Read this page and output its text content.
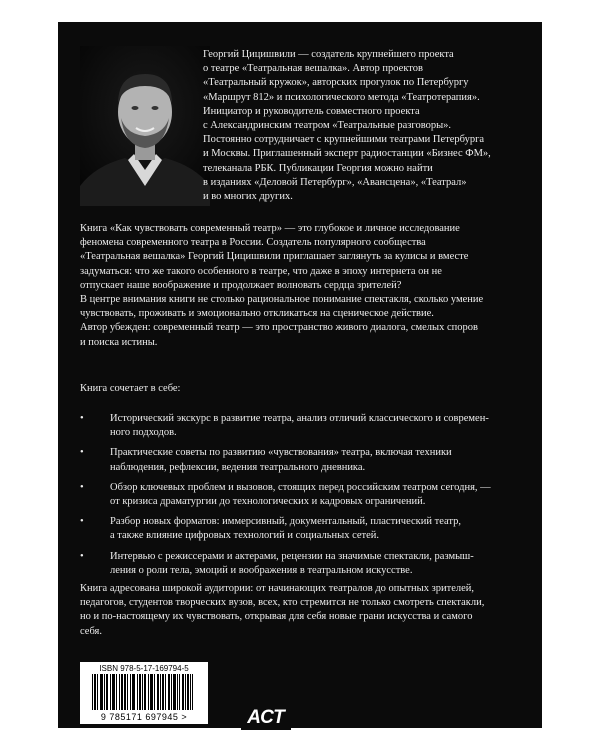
Георгий Цицишвили — создатель крупнейшего проекта

о театре «Театральная вешалка». Автор проектов

«Театральный кружок», авторских прогулок по Петербургу

«Маршрут 812» и психологического метода «Театротерапия».

Инициатор и руководитель совместного проекта

с Александринским театром «Театральные разговоры».

Постоянно сотрудничает с крупнейшими театрами Петербурга

и Москвы. Приглашенный эксперт радиостанции «Бизнес ФМ»,

телеканала РБК. Публикации Георгия можно найти

в изданиях «Деловой Петербург», «Авансцена», «Театрал»

и во многих других.

Книга «Как чувствовать современный театр» — это глубокое и личное исследование

феномена современного театра в России. Создатель популярного сообщества

«Театральная вешалка» Георгий Цицишвили приглашает заглянуть за кулисы и вместе

задуматься: что же такого особенного в театре, что даже в эпоху интернета он не

отпускает наше воображение и продолжает волновать сердца зрителей?

В центре внимания книги не столько рациональное понимание спектакля, сколько умение

чувствовать, проживать и эмоционально откликаться на сценическое действие.

Автор убежден: современный театр — это пространство живого диалога, смелых споров

и поиска истины.

Книга сочетает в себе:

•	Исторический экскурс в развитие театра, анализ отличий классического и современ-
ного подходов.
•	Практические советы по развитию «чувствования» театра, включая техники
наблюдения, рефлексии, ведения театрального дневника.
•	Обзор ключевых проблем и вызовов, стоящих перед российским театром сегодня, —
от кризиса драматургии до технологических и кадровых ограничений.
•	Разбор новых форматов: иммерсивный, документальный, пластический театр,
а также влияние цифровых технологий и социальных сетей.
•	Интервью с режиссерами и актерами, рецензии на значимые спектакли, размыш-
ления о роли тела, эмоций и воображения в театральном искусстве.

Книга адресована широкой аудитории: от начинающих театралов до опытных зрителей,

педагогов, студентов творческих вузов, всех, кто стремится не только смотреть спектакли,

но и по-настоящему их чувствовать, открывая для себя новые грани искусства и самого

себя.

ISBN 978-5-17-169794-5
9 785171 697945 >	АСТ
